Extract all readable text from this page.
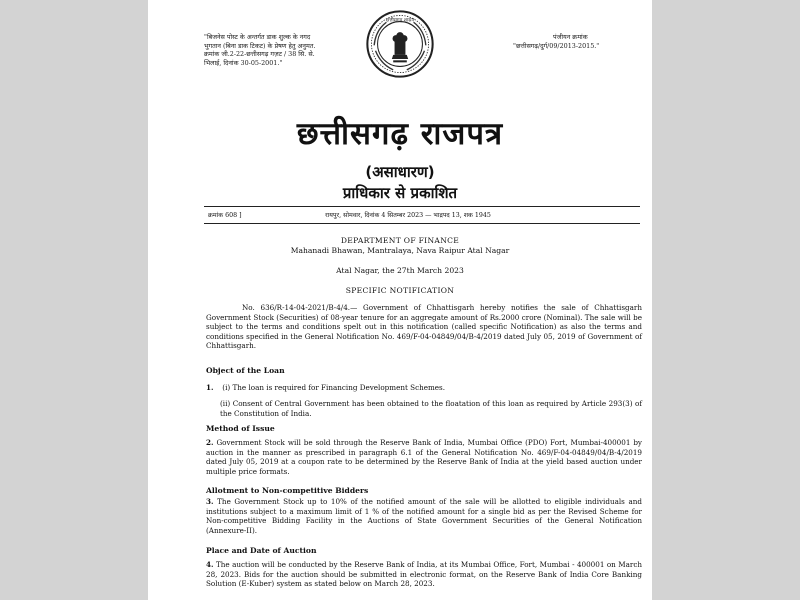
"बिजनेस पोस्ट के अन्तर्गत डाक शुल्क के नगद भुगतान (बिना डाक टिकट) के प्रेषण हेतु अनुमत. क्रमांक जी.2-22-छत्तीसगढ़ गज़ट / 38 सि. से. भिलाई, दिनांक 30-05-2001."
पंजीयन क्रमांक
"छत्तीसगढ़/दुर्ग/09/2013-2015."
छत्तीसगढ़ शासन
छत्तीसगढ़ राजपत्र
(असाधारण)
प्राधिकार से प्रकाशित
क्रमांक 608 ]	रायपुर, सोमवार, दिनांक 4 सितम्बर 2023 — भाद्रपद 13, शक 1945
DEPARTMENT OF FINANCE
Mahanadi Bhawan, Mantralaya, Nava Raipur Atal Nagar
Atal Nagar, the 27th March 2023
SPECIFIC NOTIFICATION
No. 636/R-14-04-2021/B-4/4.— Government of Chhattisgarh hereby notifies the sale of Chhattisgarh Government Stock (Securities) of 08-year tenure for an aggregate amount of Rs.2000 crore (Nominal). The sale will be subject to the terms and conditions spelt out in this notification (called specific Notification) as also the terms and conditions specified in the General Notification No. 469/F-04-04849/04/B-4/2019 dated July 05, 2019 of Government of Chhattisgarh.
Object of the Loan
1. (i) The loan is required for Financing Development Schemes.
(ii) Consent of Central Government has been obtained to the floatation of this loan as required by Article 293(3) of the Constitution of India.
Method of Issue
2. Government Stock will be sold through the Reserve Bank of India, Mumbai Office (PDO) Fort, Mumbai-400001 by auction in the manner as prescribed in paragraph 6.1 of the General Notification No. 469/F-04-04849/04/B-4/2019 dated July 05, 2019 at a coupon rate to be determined by the Reserve Bank of India at the yield based auction under multiple price formats.
Allotment to Non-competitive Bidders
3. The Government Stock up to 10% of the notified amount of the sale will be allotted to eligible individuals and institutions subject to a maximum limit of 1 % of the notified amount for a single bid as per the Revised Scheme for Non-competitive Bidding Facility in the Auctions of State Government Securities of the General Notification (Annexure-II).
Place and Date of Auction
4. The auction will be conducted by the Reserve Bank of India, at its Mumbai Office, Fort, Mumbai - 400001 on March 28, 2023. Bids for the auction should be submitted in electronic format, on the Reserve Bank of India Core Banking Solution (E-Kuber) system as stated below on March 28, 2023.
